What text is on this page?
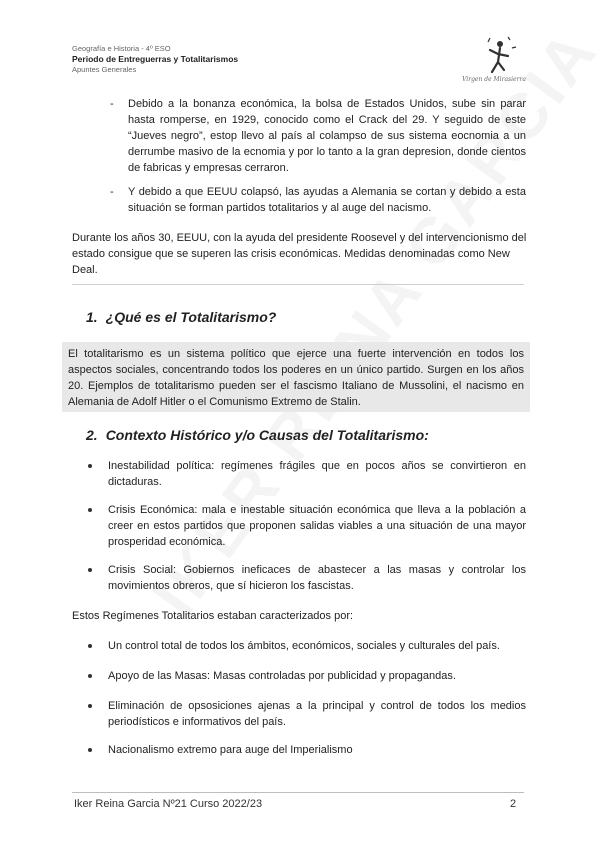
Geografía e Historia - 4º ESO
Periodo de Entreguerras y Totalitarismos
Apuntes Generales
Virgen de Mirasierra
- Debido a la bonanza económica, la bolsa de Estados Unidos, sube sin parar hasta romperse, en 1929, conocido como el Crack del 29. Y seguido de este “Jueves negro”, estop llevo al país al colampso de sus sistema eocnomia a un derrumbe masivo de la ecnomia y por lo tanto a la gran depresion, donde cientos de fabricas y empresas cerraron.
- Y debido a que EEUU colapsó, las ayudas a Alemania se cortan y debido a esta situación se forman partidos totalitarios y al auge del nacismo.
Durante los años 30, EEUU, con la ayuda del presidente Roosevel y del intervencionismo del estado consigue que se superen las crisis económicas. Medidas denominadas como New Deal.
1. ¿Qué es el Totalitarismo?
El totalitarismo es un sistema político que ejerce una fuerte intervención en todos los aspectos sociales, concentrando todos los poderes en un único partido. Surgen en los años 20. Ejemplos de totalitarismo pueden ser el fascismo Italiano de Mussolini, el nacismo en Alemania de Adolf Hitler o el Comunismo Extremo de Stalin.
2. Contexto Histórico y/o Causas del Totalitarismo:
Inestabilidad política: regímenes frágiles que en pocos años se convirtieron en dictaduras.
Crisis Económica: mala e inestable situación económica que lleva a la población a creer en estos partidos que proponen salidas viables a una situación de una mayor prosperidad económica.
Crisis Social: Gobiernos ineficaces de abastecer a las masas y controlar los movimientos obreros, que sí hicieron los fascistas.
Estos Regímenes Totalitarios estaban caracterizados por:
Un control total de todos los ámbitos, económicos, sociales y culturales del país.
Apoyo de las Masas: Masas controladas por publicidad y propagandas.
Eliminación de opsosiciones ajenas a la principal y control de todos los medios periodísticos e informativos del país.
Nacionalismo extremo para auge del Imperialismo
Iker Reina Garcia Nº21 Curso 2022/23	2
